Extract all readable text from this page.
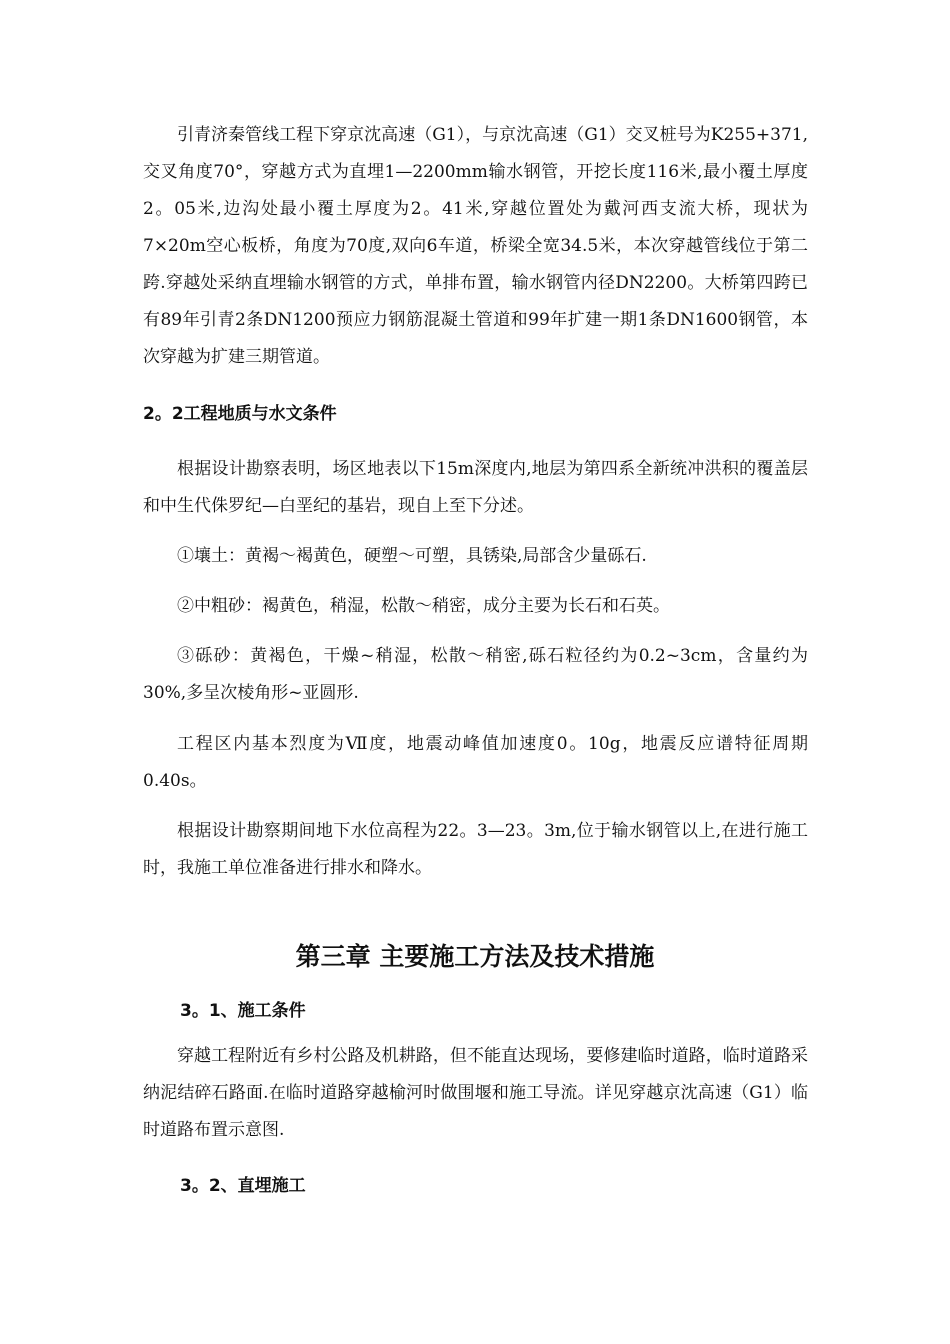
引青济秦管线工程下穿京沈高速（G1），与京沈高速（G1）交叉桩号为K255+371,交叉角度70°，穿越方式为直埋1—2200mm输水钢管，开挖长度116米,最小覆土厚度2。05米,边沟处最小覆土厚度为2。41米,穿越位置处为戴河西支流大桥，现状为7×20m空心板桥，角度为70度,双向6车道，桥梁全宽34.5米，本次穿越管线位于第二跨.穿越处采纳直埋输水钢管的方式，单排布置，输水钢管内径DN2200。大桥第四跨已有89年引青2条DN1200预应力钢筋混凝土管道和99年扩建一期1条DN1600钢管，本次穿越为扩建三期管道。

2。2工程地质与水文条件

根据设计勘察表明，场区地表以下15m深度内,地层为第四系全新统冲洪积的覆盖层和中生代侏罗纪—白垩纪的基岩，现自上至下分述。

①壤土：黄褐～褐黄色，硬塑～可塑，具锈染,局部含少量砾石.

②中粗砂：褐黄色，稍湿，松散～稍密，成分主要为长石和石英。

③砾砂：黄褐色，干燥~稍湿，松散～稍密,砾石粒径约为0.2~3cm，含量约为30%,多呈次棱角形~亚圆形.

工程区内基本烈度为Ⅶ度，地震动峰值加速度0。10g，地震反应谱特征周期0.40s。

根据设计勘察期间地下水位高程为22。3—23。3m,位于输水钢管以上,在进行施工时，我施工单位准备进行排水和降水。

第三章 主要施工方法及技术措施
3。1、施工条件

穿越工程附近有乡村公路及机耕路，但不能直达现场，要修建临时道路，临时道路采纳泥结碎石路面.在临时道路穿越榆河时做围堰和施工导流。详见穿越京沈高速（G1）临时道路布置示意图.

3。2、直埋施工
